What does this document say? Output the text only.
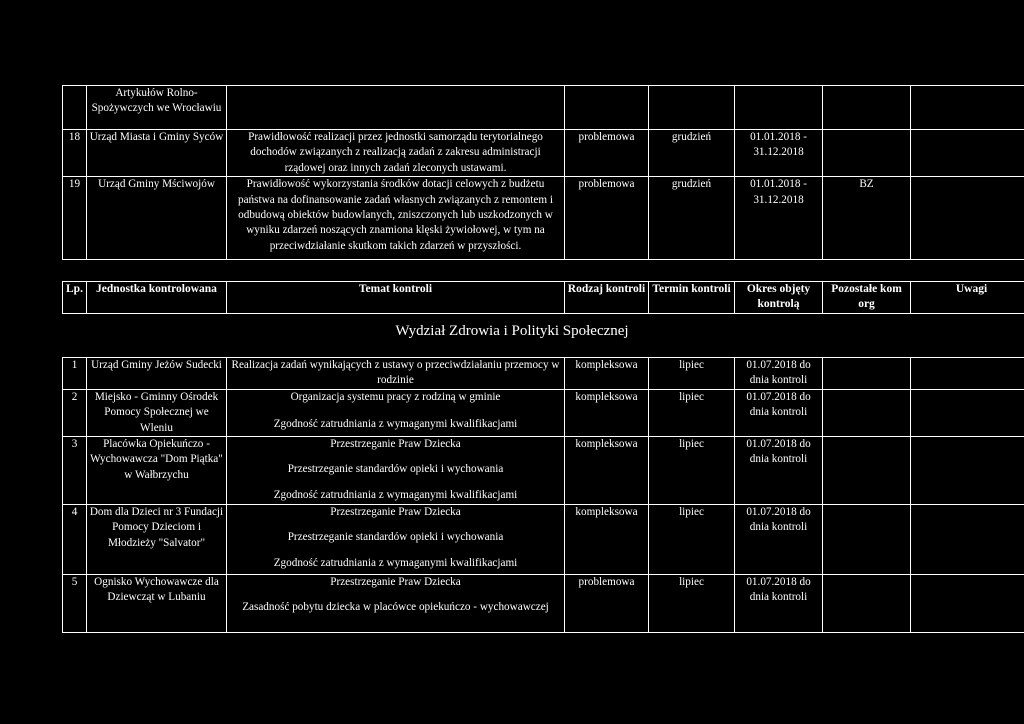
	Artykułów Rolno-Spożywczych we Wrocławiu						
18	Urząd Miasta i Gminy Syców	Prawidłowość realizacji przez jednostki samorządu terytorialnego dochodów związanych z realizacją zadań z zakresu administracji rządowej oraz innych zadań zleconych ustawami.	problemowa	grudzień	01.01.2018 - 31.12.2018		
19	Urząd Gminy Mściwojów	Prawidłowość wykorzystania środków dotacji celowych z budżetu państwa na dofinansowanie zadań własnych związanych z remontem i odbudową obiektów budowlanych, zniszczonych lub uszkodzonych w wyniku zdarzeń noszących znamiona klęski żywiołowej, w tym na przeciwdziałanie skutkom takich zdarzeń w przyszłości.	problemowa	grudzień	01.01.2018 - 31.12.2018	BZ	
Lp.	Jednostka kontrolowana	Temat kontroli	Rodzaj kontroli	Termin kontroli	Okres objęty kontrolą	Pozostałe kom org	Uwagi
Wydział Zdrowia i Polityki Społecznej
1	Urząd Gminy Jeżów Sudecki	Realizacja zadań wynikających z ustawy o przeciwdziałaniu przemocy w rodzinie	kompleksowa	lipiec	01.07.2018 do dnia kontroli		
2	Miejsko - Gminny Ośrodek Pomocy Społecznej we Wleniu	Organizacja systemu pracy z rodziną w gminie
Zgodność zatrudniania z wymaganymi kwalifikacjami	kompleksowa	lipiec	01.07.2018 do dnia kontroli		
3	Placówka Opiekuńczo - Wychowawcza "Dom Piątka" w Wałbrzychu	Przestrzeganie Praw Dziecka
Przestrzeganie standardów opieki i wychowania
Zgodność zatrudniania z wymaganymi kwalifikacjami	kompleksowa	lipiec	01.07.2018 do dnia kontroli		
4	Dom dla Dzieci nr 3 Fundacji Pomocy Dzieciom i Młodzieży "Salvator"	Przestrzeganie Praw Dziecka
Przestrzeganie standardów opieki i wychowania
Zgodność zatrudniania z wymaganymi kwalifikacjami	kompleksowa	lipiec	01.07.2018 do dnia kontroli		
5	Ognisko Wychowawcze dla Dziewcząt w Lubaniu	Przestrzeganie Praw Dziecka
Zasadność pobytu dziecka w placówce opiekuńczo - wychowawczej	problemowa	lipiec	01.07.2018 do dnia kontroli		
